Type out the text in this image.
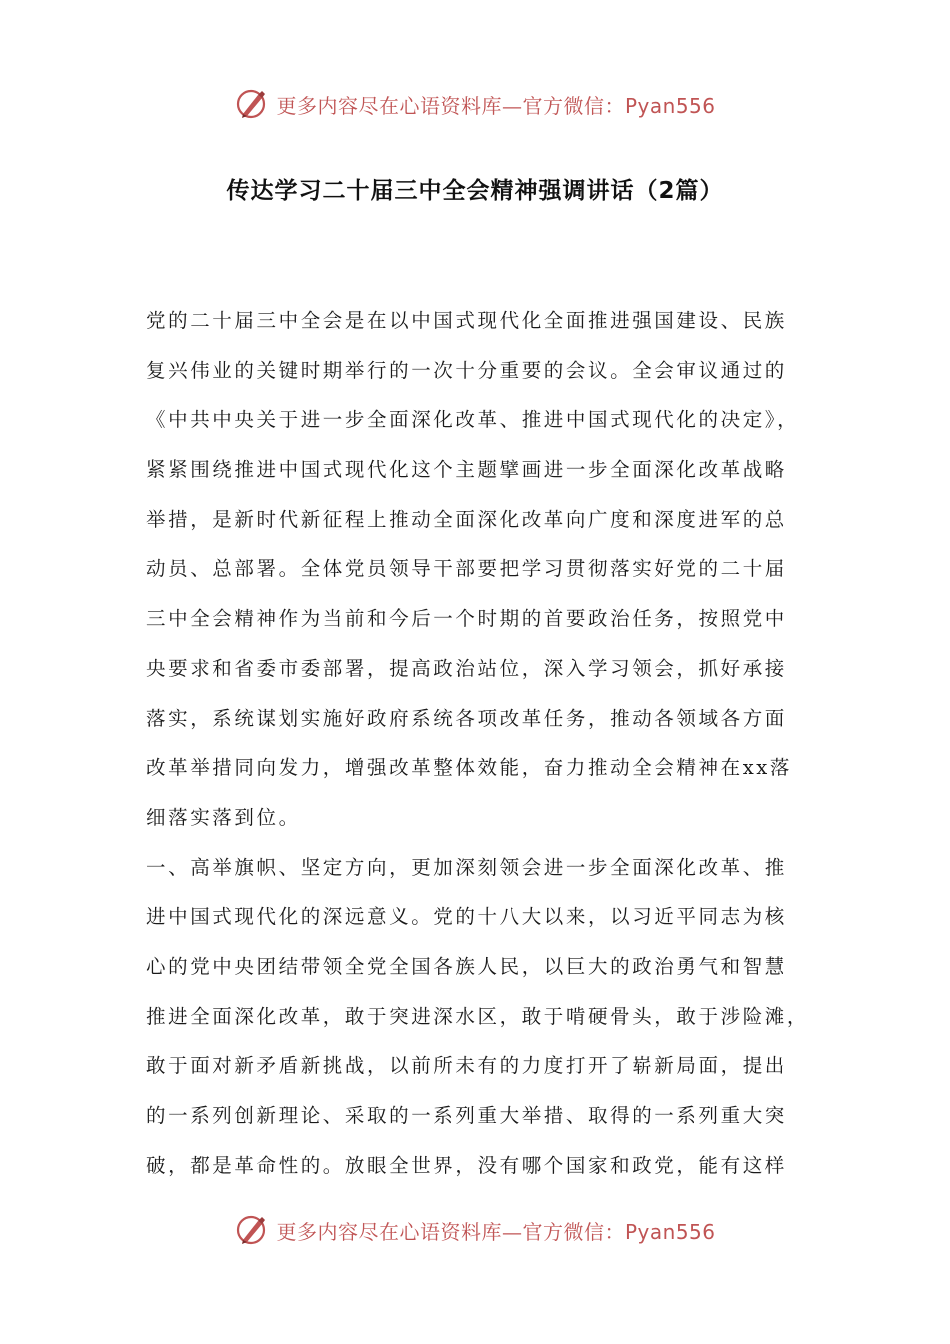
更多内容尽在心语资料库—官方微信：Pyan556
传达学习二十届三中全会精神强调讲话（2篇）
党的二十届三中全会是在以中国式现代化全面推进强国建设、民族
复兴伟业的关键时期举行的一次十分重要的会议。全会审议通过的
《中共中央关于进一步全面深化改革、推进中国式现代化的决定》，
紧紧围绕推进中国式现代化这个主题擘画进一步全面深化改革战略
举措，是新时代新征程上推动全面深化改革向广度和深度进军的总
动员、总部署。全体党员领导干部要把学习贯彻落实好党的二十届
三中全会精神作为当前和今后一个时期的首要政治任务，按照党中
央要求和省委市委部署，提高政治站位，深入学习领会，抓好承接
落实，系统谋划实施好政府系统各项改革任务，推动各领域各方面
改革举措同向发力，增强改革整体效能，奋力推动全会精神在xx落
细落实落到位。
一、高举旗帜、坚定方向，更加深刻领会进一步全面深化改革、推
进中国式现代化的深远意义。党的十八大以来，以习近平同志为核
心的党中央团结带领全党全国各族人民，以巨大的政治勇气和智慧
推进全面深化改革，敢于突进深水区，敢于啃硬骨头，敢于涉险滩，
敢于面对新矛盾新挑战，以前所未有的力度打开了崭新局面，提出
的一系列创新理论、采取的一系列重大举措、取得的一系列重大突
破，都是革命性的。放眼全世界，没有哪个国家和政党，能有这样
更多内容尽在心语资料库—官方微信：Pyan556
